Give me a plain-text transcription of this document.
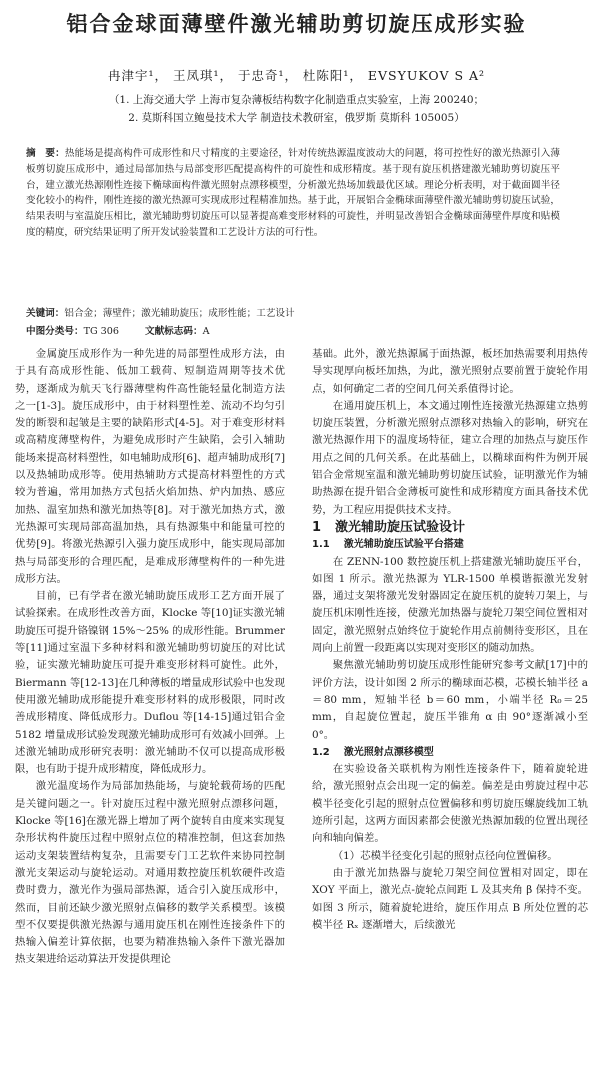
铝合金球面薄壁件激光辅助剪切旋压成形实验
冉津宇¹， 王凤琪¹， 于忠奇¹， 杜陈阳¹， EVSYUKOV S A²
（1. 上海交通大学 上海市复杂薄板结构数字化制造重点实验室，上海 200240；
2. 莫斯科国立鲍曼技术大学 制造技术教研室，俄罗斯 莫斯科 105005）
摘　要：热能场是提高构件可成形性和尺寸精度的主要途径，针对传统热源温度波动大的问题，将可控性好的激光热源引入薄板剪切旋压成形中，通过局部加热与局部变形匹配提高构件的可旋性和成形精度。基于现有旋压机搭建激光辅助剪切旋压平台，建立激光热源刚性连接下椭球面构件激光照射点漂移模型，分析激光热场加载最优区域。理论分析表明，对于截面圆半径变化较小的构件，刚性连接的激光热源可实现成形过程精准加热。基于此，开展铝合金椭球面薄壁件激光辅助剪切旋压试验，结果表明与室温旋压相比，激光辅助剪切旋压可以显著提高难变形材料的可旋性，并明显改善铝合金椭球面薄壁件厚度和贴模度的精度，研究结果证明了所开发试验装置和工艺设计方法的可行性。
关键词：铝合金；薄壁件；激光辅助旋压；成形性能；工艺设计
中图分类号：TG 306	文献标志码：A

金属旋压成形作为一种先进的局部塑性成形方法，由于具有高成形性能、低加工载荷、短制造周期等技术优势，逐渐成为航天飞行器薄壁构件高性能轻量化制造方法之一[1-3]。旋压成形中，由于材料塑性差、流动不均匀引发的断裂和起皱是主要的缺陷形式[4-5]。对于难变形材料或高精度薄壁构件，为避免成形时产生缺陷，会引入辅助能场来提高材料塑性，如电辅助成形[6]、超声辅助成形[7]以及热辅助成形等。使用热辅助方式提高材料塑性的方式较为普遍，常用加热方式包括火焰加热、炉内加热、感应加热、温室加热和激光加热等[8]。对于激光加热方式，激光热源可实现局部高温加热，具有热源集中和能量可控的优势[9]。将激光热源引入强力旋压成形中，能实现局部加热与局部变形的合理匹配，是难成形薄壁构件的一种先进成形方法。

目前，已有学者在激光辅助旋压成形工艺方面开展了试验探索。在成形性改善方面，Klocke 等[10]证实激光辅助旋压可提升铬镍钢 15%～25% 的成形性能。Brummer 等[11]通过室温下多种材料和激光辅助剪切旋压的对比试验，证实激光辅助旋压可提升难变形材料可旋性。此外，Biermann 等[12-13]在几种薄板的增量成形试验中也发现使用激光辅助成形能提升难变形材料的成形极限，同时改善成形精度、降低成形力。Duflou 等[14-15]通过铝合金 5182 增量成形试验发现激光辅助成形可有效减小回弹。上述激光辅助成形研究表明：激光辅助不仅可以提高成形极限，也有助于提升成形精度，降低成形力。

激光温度场作为局部加热能场，与旋轮载荷场的匹配是关键问题之一。针对旋压过程中激光照射点漂移问题，Klocke 等[16]在激光器上增加了两个旋转自由度来实现复杂形状构件旋压过程中照射点位的精准控制，但这套加热运动支架装置结构复杂，且需要专门工艺软件来协同控制激光支架运动与旋轮运动。对通用数控旋压机软硬件改造费时费力，激光作为强局部热源，适合引入旋压成形中，然而，目前还缺少激光照射点偏移的数学关系模型。该模型不仅要提供激光热源与通用旋压机在刚性连接条件下的热输入偏差计算依据，也要为精准热输入条件下激光器加热支架进给运动算法开发提供理论

基础。此外，激光热源属于面热源，板坯加热需要利用热传导实现厚向板坯加热，为此，激光照射点要前置于旋轮作用点，如何确定二者的空间几何关系值得讨论。

在通用旋压机上，本文通过刚性连接激光热源建立热剪切旋压装置，分析激光照射点漂移对热输入的影响，研究在激光热源作用下的温度场特征，建立合理的加热点与旋压作用点之间的几何关系。在此基础上，以椭球面构件为例开展铝合金常规室温和激光辅助剪切旋压试验，证明激光作为辅助热源在提升铝合金薄板可旋性和成形精度方面具备技术优势，为工程应用提供技术支持。

1 激光辅助旋压试验设计

1.1 激光辅助旋压试验平台搭建

在 ZENN-100 数控旋压机上搭建激光辅助旋压平台，如图 1 所示。激光热源为 YLR-1500 单模谐振激光发射器，通过支架将激光发射器固定在旋压机的旋转刀架上，与旋压机床刚性连接，使激光加热器与旋轮刀架空间位置相对固定，激光照射点始终位于旋轮作用点前侧待变形区，且在周向上前置一段距离以实现对变形区的随动加热。

聚焦激光辅助剪切旋压成形性能研究参考文献[17]中的评价方法，设计如图 2 所示的椭球面芯模，芯模长轴半径 a＝80 mm，短轴半径 b＝60 mm，小端半径 R₀＝25 mm，自起旋位置起，旋压半锥角 α 由 90°逐渐减小至 0°。

1.2 激光照射点漂移模型

在实验设备关联机构为刚性连接条件下，随着旋轮进给，激光照射点会出现一定的偏差。偏差是由剪旋过程中芯模半径变化引起的照射点位置偏移和剪切旋压螺旋线加工轨迹所引起，这两方面因素都会使激光热源加载的位置出现径向和轴向偏差。

（1）芯模半径变化引起的照射点径向位置偏移。

由于激光加热器与旋轮刀架空间位置相对固定，即在 XOY 平面上，激光点-旋轮点间距 L 及其夹角 β 保持不变。如图 3 所示，随着旋轮进给，旋压作用点 B 所处位置的芯模半径 Rₓ 逐渐增大，后续激光
